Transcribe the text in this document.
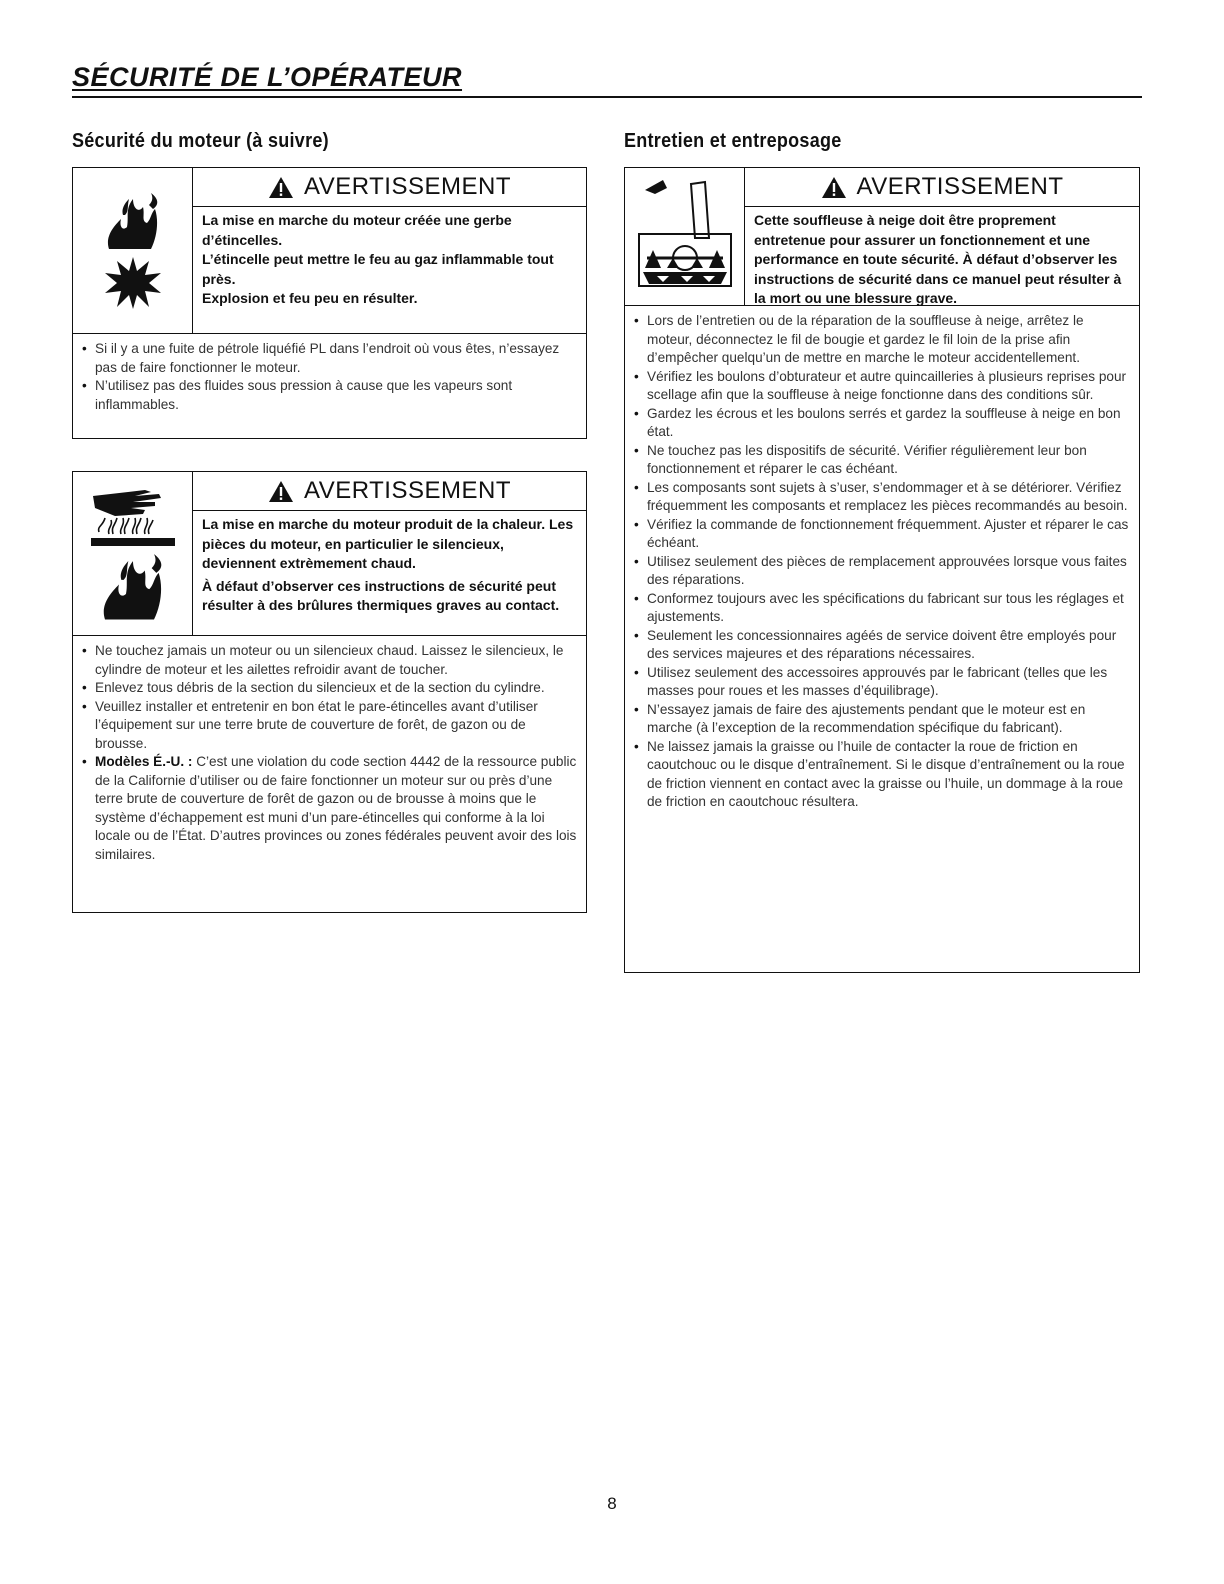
SÉCURITÉ DE L’OPÉRATEUR
Sécurité du moteur (à suivre)
AVERTISSEMENT

La mise en marche du moteur créée une gerbe d’étincelles.

L’étincelle peut mettre le feu au gaz inflammable tout près.

Explosion et feu peu en résulter.

• Si il y a une fuite de pétrole liquéfié PL dans l’endroit où vous êtes, n’essayez pas de faire fonctionner le moteur.
• N’utilisez pas des fluides sous pression à cause que les vapeurs sont inflammables.
AVERTISSEMENT

La mise en marche du moteur produit de la chaleur. Les pièces du moteur, en particulier le silencieux, deviennent extrèmement chaud.

À défaut d’observer ces instructions de sécurité peut résulter à des brûlures thermiques graves au contact.

• Ne touchez jamais un moteur ou un silencieux chaud. Laissez le silencieux, le cylindre de moteur et les ailettes refroidir avant de toucher.
• Enlevez tous débris de la section du silencieux et de la section du cylindre.
• Veuillez installer et entretenir en bon état le pare-étincelles avant d’utiliser l’équipement sur une terre brute de couverture de forêt, de gazon ou de brousse.
• Modèles É.-U. : C’est une violation du code section 4442 de la ressource public de la Californie d’utiliser ou de faire fonctionner un moteur sur ou près d’une terre brute de couverture de forêt de gazon ou de brousse à moins que le système d’échappement est muni d’un pare-étincelles qui conforme à la loi locale ou de l’État. D’autres provinces ou zones fédérales peuvent avoir des lois similaires.
Entretien et entreposage
AVERTISSEMENT

Cette souffleuse à neige doit être proprement entretenue pour assurer un fonctionnement et une performance en toute sécurité. À défaut d’observer les instructions de sécurité dans ce manuel peut résulter à la mort ou une blessure grave.

• Lors de l’entretien ou de la réparation de la souffleuse à neige, arrêtez le moteur, déconnectez le fil de bougie et gardez le fil loin de la prise afin d’empêcher quelqu’un de mettre en marche le moteur accidentellement.
• Vérifiez les boulons d’obturateur et autre quincailleries à plusieurs reprises pour scellage afin que la souffleuse à neige fonctionne dans des conditions sûr.
• Gardez les écrous et les boulons serrés et gardez la souffleuse à neige en bon état.
• Ne touchez pas les dispositifs de sécurité. Vérifier régulièrement leur bon fonctionnement et réparer le cas échéant.
• Les composants sont sujets à s’user, s’endommager et à se détériorer. Vérifiez fréquemment les composants et remplacez les pièces recommandés au besoin.
• Vérifiez la commande de fonctionnement fréquemment. Ajuster et réparer le cas échéant.
• Utilisez seulement des pièces de remplacement approuvées lorsque vous faites des réparations.
• Conformez toujours avec les spécifications du fabricant sur tous les réglages et ajustements.
• Seulement les concessionnaires agéés de service doivent être employés pour des services majeures et des réparations nécessaires.
• Utilisez seulement des accessoires approuvés par le fabricant (telles que les masses pour roues et les masses d’équilibrage).
• N’essayez jamais de faire des ajustements pendant que le moteur est en marche (à l’exception de la recommendation spécifique du fabricant).
• Ne laissez jamais la graisse ou l’huile de contacter la roue de friction en caoutchouc ou le disque d’entraînement. Si le disque d’entraînement ou la roue de friction viennent en contact avec la graisse ou l’huile, un dommage à la roue de friction en caoutchouc résultera.
8
